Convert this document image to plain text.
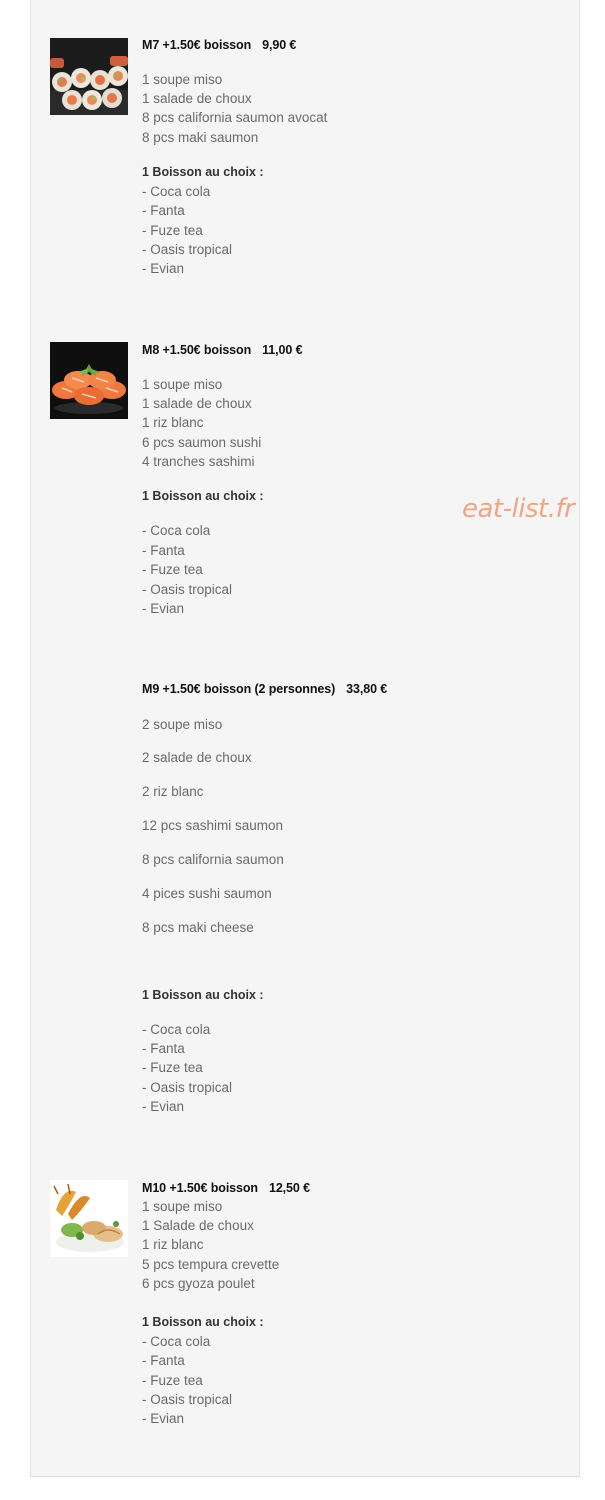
M7 +1.50€ boisson 9,90 €
1 soupe miso
1 salade de choux
8 pcs california saumon avocat
8 pcs maki saumon
1 Boisson au choix :
- Coca cola
- Fanta
- Fuze tea
- Oasis tropical
- Evian
M8 +1.50€ boisson 11,00 €
1 soupe miso
1 salade de choux
1 riz blanc
6 pcs saumon sushi
4 tranches sashimi
1 Boisson au choix :
- Coca cola
- Fanta
- Fuze tea
- Oasis tropical
- Evian
eat-list.fr
M9 +1.50€ boisson (2 personnes) 33,80 €
2 soupe miso
2 salade de choux
2 riz blanc
12 pcs sashimi saumon
8 pcs california saumon
4 pices sushi saumon
8 pcs maki cheese
1 Boisson au choix :
- Coca cola
- Fanta
- Fuze tea
- Oasis tropical
- Evian
M10 +1.50€ boisson 12,50 €
1 soupe miso
1 Salade de choux
1 riz blanc
5 pcs tempura crevette
6 pcs gyoza poulet
1 Boisson au choix :
- Coca cola
- Fanta
- Fuze tea
- Oasis tropical
- Evian
